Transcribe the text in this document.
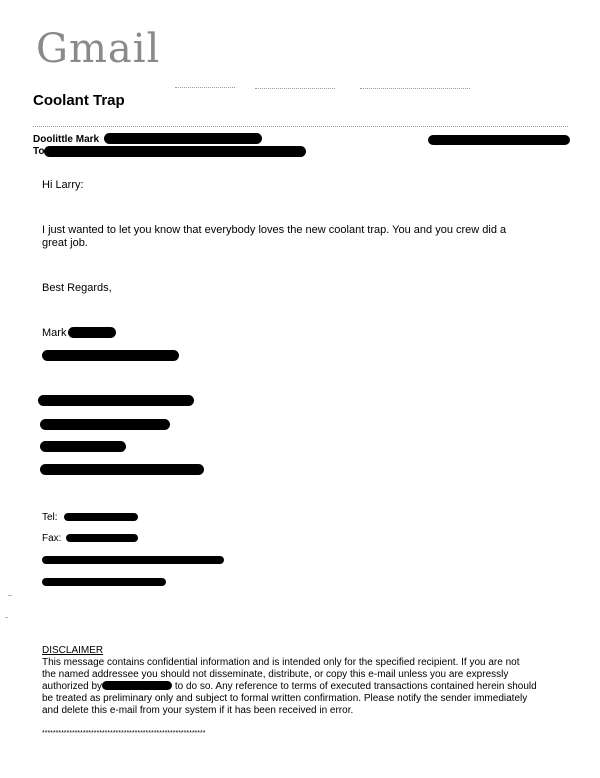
Gmail
Coolant Trap
Doolittle Mark
To
Hi Larry:
I just wanted to let you know that everybody loves the new coolant trap. You and you crew did a
great job.
Best Regards,
Mark
Tel:
Fax:
DISCLAIMER
This message contains confidential information and is intended only for the specified recipient. If you are not
the named addressee you should not disseminate, distribute, or copy this e-mail unless you are expressly
authorized by	to do so. Any reference to terms of executed transactions contained herein should
be treated as preliminary only and subject to formal written confirmation. Please notify the sender immediately
and delete this e-mail from your system if it has been received in error.
************************************************************
